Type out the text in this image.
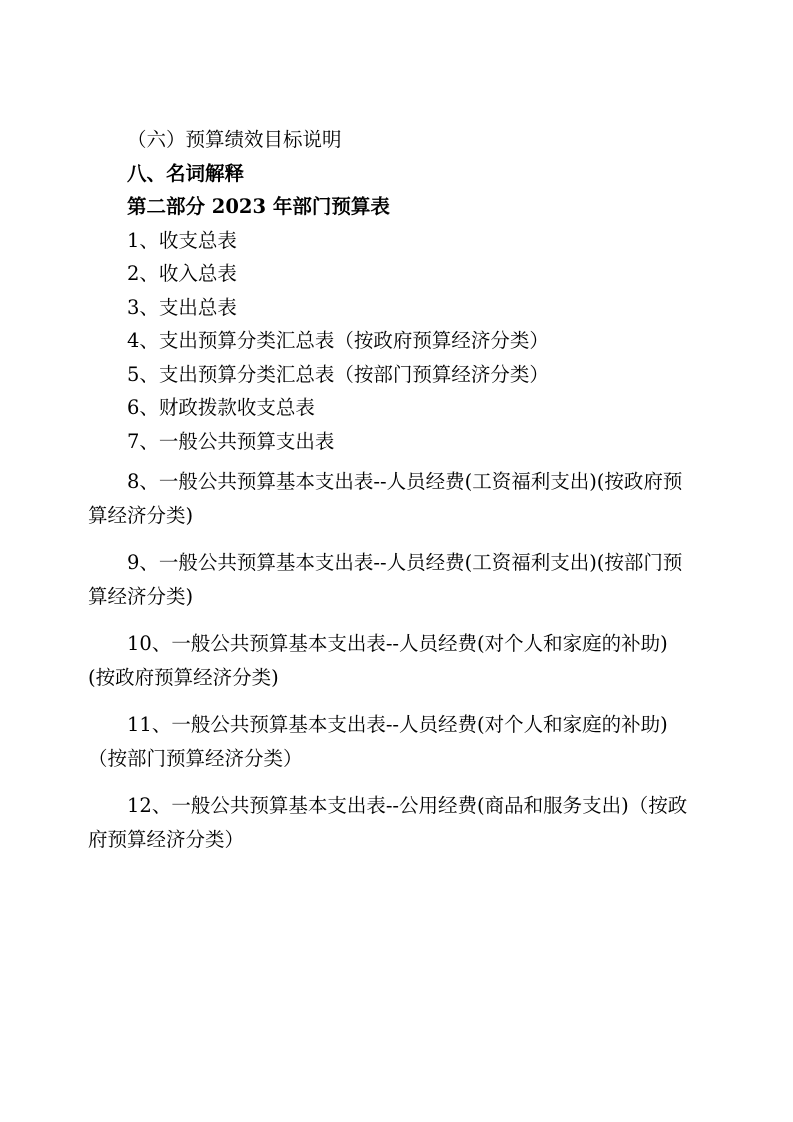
（六）预算绩效目标说明

八、名词解释

第二部分 2023 年部门预算表

1、收支总表

2、收入总表

3、支出总表

4、支出预算分类汇总表（按政府预算经济分类）

5、支出预算分类汇总表（按部门预算经济分类）

6、财政拨款收支总表

7、一般公共预算支出表

8、一般公共预算基本支出表--人员经费(工资福利支出)(按政府预算经济分类)

9、一般公共预算基本支出表--人员经费(工资福利支出)(按部门预算经济分类)

10、一般公共预算基本支出表--人员经费(对个人和家庭的补助)(按政府预算经济分类)

11、一般公共预算基本支出表--人员经费(对个人和家庭的补助)（按部门预算经济分类）

12、一般公共预算基本支出表--公用经费(商品和服务支出)（按政府预算经济分类）
